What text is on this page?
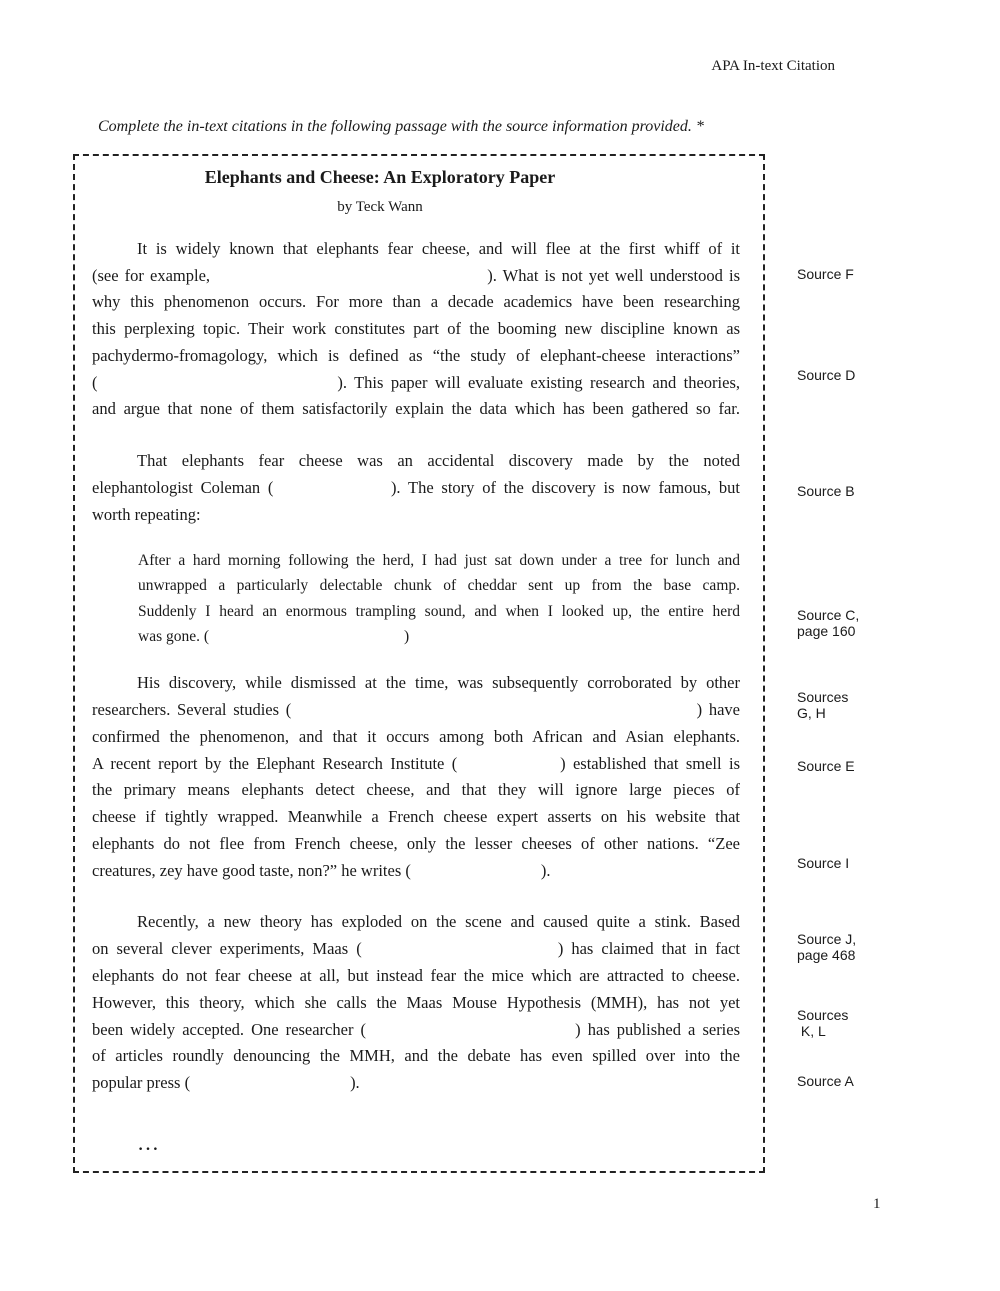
APA In-text Citation
Complete the in-text citations in the following passage with the source information provided. *
Elephants and Cheese: An Exploratory Paper
by Teck Wann
It is widely known that elephants fear cheese, and will flee at the first whiff of it
(see for example,	). What is not yet well understood is
why this phenomenon occurs. For more than a decade academics have been researching
this perplexing topic. Their work constitutes part of the booming new discipline known as
pachydermo-fromagology, which is defined as “the study of elephant-cheese interactions”
(	). This paper will evaluate existing research and theories,
and argue that none of them satisfactorily explain the data which has been gathered so far.
That elephants fear cheese was an accidental discovery made by the noted
elephantologist Coleman (	). The story of the discovery is now famous, but
worth repeating:
After a hard morning following the herd, I had just sat down under a tree for lunch and
unwrapped a particularly delectable chunk of cheddar sent up from the base camp.
Suddenly I heard an enormous trampling sound, and when I looked up, the entire herd
was gone. (	)
His discovery, while dismissed at the time, was subsequently corroborated by other
researchers. Several studies (	) have
confirmed the phenomenon, and that it occurs among both African and Asian elephants.
A recent report by the Elephant Research Institute (	) established that smell is
the primary means elephants detect cheese, and that they will ignore large pieces of
cheese if tightly wrapped. Meanwhile a French cheese expert asserts on his website that
elephants do not flee from French cheese, only the lesser cheeses of other nations. “Zee
creatures, zey have good taste, non?” he writes (	).
Recently, a new theory has exploded on the scene and caused quite a stink. Based
on several clever experiments, Maas (	) has claimed that in fact
elephants do not fear cheese at all, but instead fear the mice which are attracted to cheese.
However, this theory, which she calls the Maas Mouse Hypothesis (MMH), has not yet
been widely accepted. One researcher (	) has published a series
of articles roundly denouncing the MMH, and the debate has even spilled over into the
popular press (	).
…
Source F
Source D
Source B
Source C,
page 160
Sources
G, H
Source E
Source I
Source J,
page 468
Sources
K, L
Source A
1
